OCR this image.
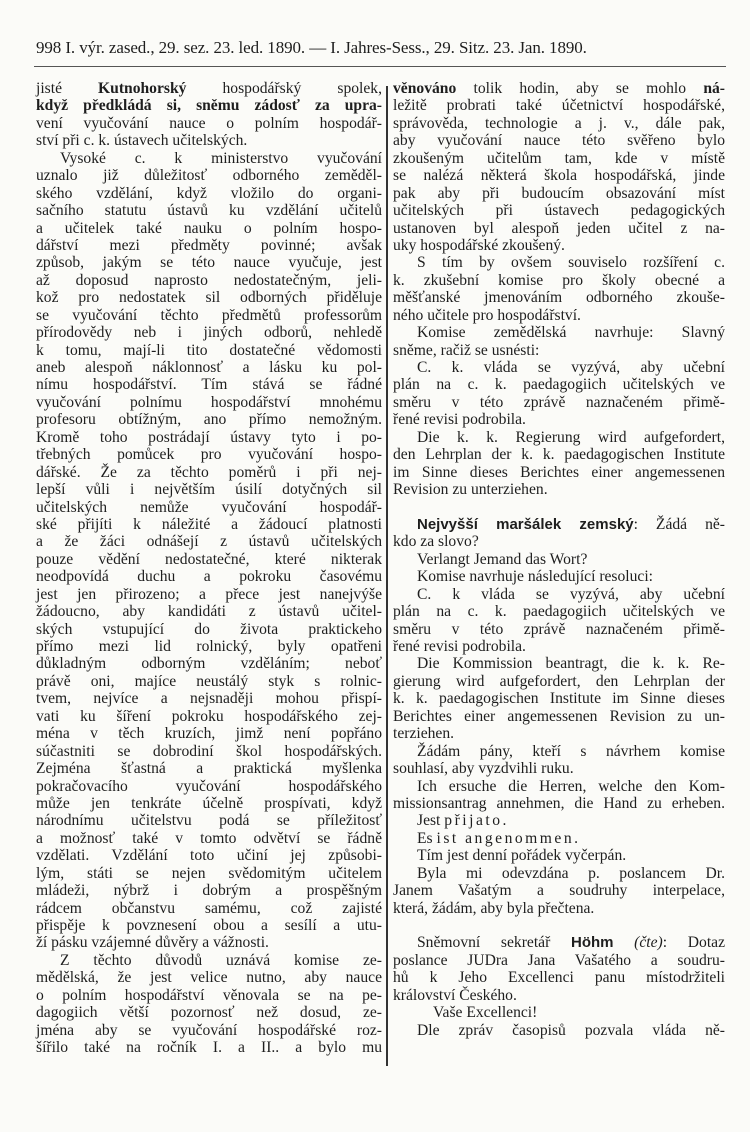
998 I. výr. zased., 29. sez. 23. led. 1890. — I. Jahres-Sess., 29. Sitz. 23. Jan. 1890.
jisté Kutnohorský hospodářský spolek,
když předkládá si, sněmu zádosť za upra-
vení vyučování nauce o polním hospodář-
ství při c. k. ústavech učitelských.
Vysoké c. k ministerstvo vyučování
uznalo již důležitosť odborného zeměděl-
ského vzdělání, když vložilo do organi-
sačního statutu ústavů ku vzdělání učitelů
a učitelek také nauku o polním hospo-
dářství mezi předměty povinné; avšak
způsob, jakým se této nauce vyučuje, jest
až doposud naprosto nedostatečným, jeli-
kož pro nedostatek sil odborných přiděluje
se vyučování těchto předmětů professorům
přírodovědy neb i jiných odborů, nehledě
k tomu, mají-li tito dostatečné vědomosti
aneb alespoň náklonnosť a lásku ku pol-
nímu hospodářství. Tím stává se řádné
vyučování polnímu hospodářství mnohému
profesoru obtížným, ano přímo nemožným.
Kromě toho postrádají ústavy tyto i po-
třebných pomůcek pro vyučování hospo-
dářské. Že za těchto poměrů i při nej-
lepší vůli i největším úsilí dotyčných sil
učitelských nemůže vyučování hospodář-
ské přijíti k náležité a žádoucí platnosti
a že žáci odnášejí z ústavů učitelských
pouze vědění nedostatečné, které nikterak
neodpovídá duchu a pokroku časovému
jest jen přirozeno; a přece jest nanejvýše
žádoucno, aby kandidáti z ústavů učitel-
ských vstupující do života praktickeho
přímo mezi lid rolnický, byly opatřeni
důkladným odborným vzděláním; neboť
právě oni, majíce neustálý styk s rolnic-
tvem, nejvíce a nejsnaději mohou přispí-
vati ku šíření pokroku hospodářského zej-
ména v těch kruzích, jimž není popřáno
súčastniti se dobrodiní škol hospodářských.
Zejména šťastná a praktická myšlenka
pokračovacího vyučování hospodářského
může jen tenkráte účelně prospívati, když
národnímu učitelstvu podá se příležitosť
a možnosť také v tomto odvětví se řádně
vzdělati. Vzdělání toto učiní jej způsobi-
lým, státi se nejen svědomitým učitelem
mládeži, nýbrž i dobrým a prospěšným
rádcem občanstvu samému, což zajisté
přispěje k povznesení obou a sesílí a utu-
ží pásku vzájemné důvěry a vážnosti.
Z těchto důvodů uznává komise ze-
mědělská, že jest velice nutno, aby nauce
o polním hospodářství věnovala se na pe-
dagogiich větší pozornosť než dosud, ze-
jména aby se vyučování hospodářské roz-
šířilo také na ročník I. a II.. a bylo mu
věnováno tolik hodin, aby se mohlo ná-
ležitě probrati také účetnictví hospodářské,
správověda, technologie a j. v., dále pak,
aby vyučování nauce této svěřeno bylo
zkoušeným učitelům tam, kde v místě
se nalézá některá škola hospodářská, jinde
pak aby při budoucím obsazování míst
učitelských při ústavech pedagogických
ustanoven byl alespoň jeden učitel z na-
uky hospodářské zkoušený.
S tím by ovšem souviselo rozšíření c.
k. zkušební komise pro školy obecné a
měšťanské jmenováním odborného zkouše-
ného učitele pro hospodářství.
Komise zemědělská navrhuje: Slavný
sněme, račiž se usnésti:
C. k. vláda se vyzývá, aby učební
plán na c. k. paedagogiich učitelských ve
směru v této zprávě naznačeném přimě-
řené revisi podrobila.
Die k. k. Regierung wird aufgefordert,
den Lehrplan der k. k. paedagogischen Institute
im Sinne dieses Berichtes einer angemessenen
Revision zu unterziehen.
Nejvyšší maršálek zemský: Žádá ně-
kdo za slovo?
Verlangt Jemand das Wort?
Komise navrhuje následující resoluci:
C. k vláda se vyzývá, aby učební
plán na c. k. paedagogiich učitelských ve
směru v této zprávě naznačeném přimě-
řené revisi podrobila.
Die Kommission beantragt, die k. k. Re-
gierung wird aufgefordert, den Lehrplan der
k. k. paedagogischen Institute im Sinne dieses
Berichtes einer angemessenen Revision zu un-
terziehen.
Žádám pány, kteří s návrhem komise
souhlasí, aby vyzdvihli ruku.
Ich ersuche die Herren, welche den Kom-
missionsantrag annehmen, die Hand zu erheben.
Jest přijato.
Es ist angenommen.
Tím jest denní pořádek vyčerpán.
Byla mi odevzdána p. poslancem Dr.
Janem Vašatým a soudruhy interpelace,
která, žádám, aby byla přečtena.
Sněmovní sekretář Höhm (čte): Dotaz
poslance JUDra Jana Vašatého a soudru-
hů k Jeho Excellenci panu místodržiteli
království Českého.
Vaše Excellenci!
Dle zpráv časopisů pozvala vláda ně-
